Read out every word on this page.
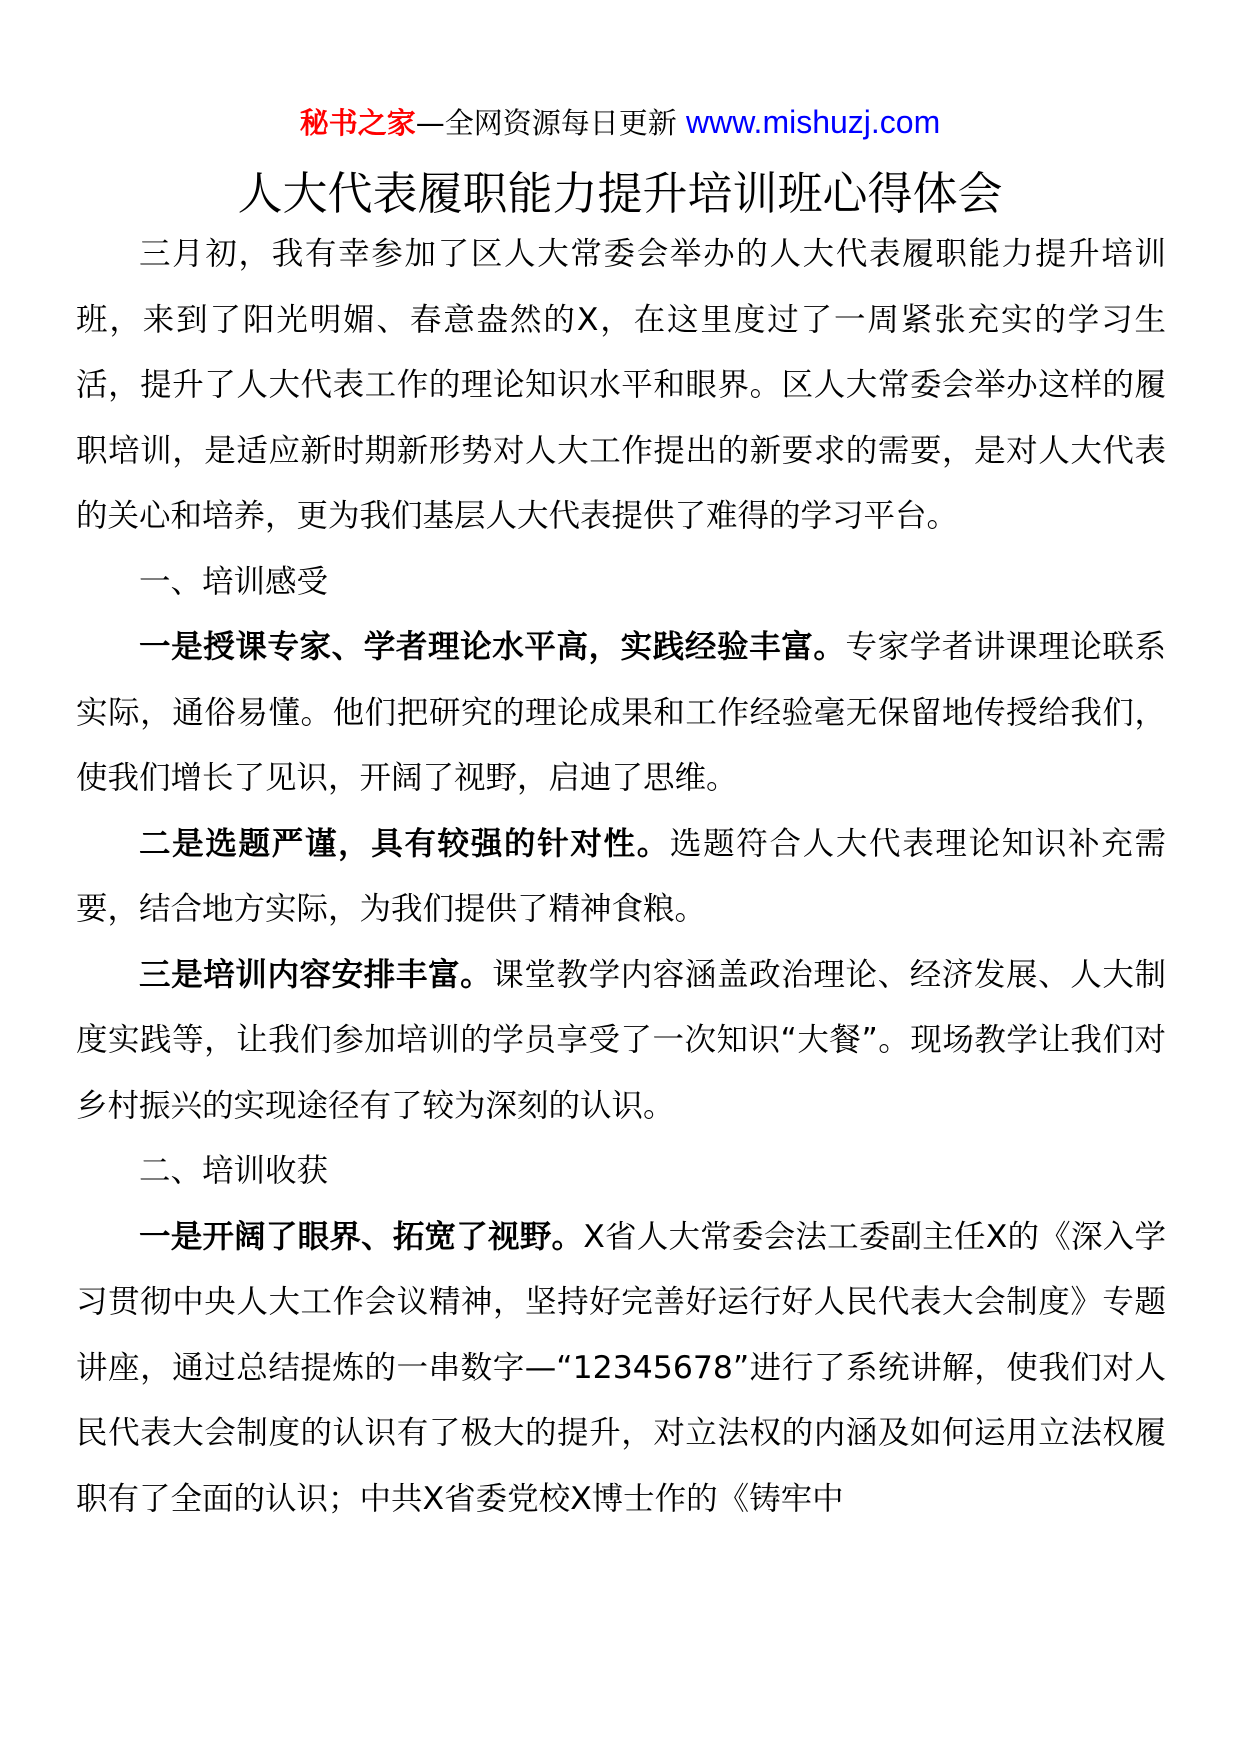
秘书之家—全网资源每日更新 www.mishuzj.com
人大代表履职能力提升培训班心得体会

三月初，我有幸参加了区人大常委会举办的人大代表履职能力提升培训班，来到了阳光明媚、春意盎然的X，在这里度过了一周紧张充实的学习生活，提升了人大代表工作的理论知识水平和眼界。区人大常委会举办这样的履职培训，是适应新时期新形势对人大工作提出的新要求的需要，是对人大代表的关心和培养，更为我们基层人大代表提供了难得的学习平台。

一、培训感受

一是授课专家、学者理论水平高，实践经验丰富。专家学者讲课理论联系实际，通俗易懂。他们把研究的理论成果和工作经验毫无保留地传授给我们，使我们增长了见识，开阔了视野，启迪了思维。

二是选题严谨，具有较强的针对性。选题符合人大代表理论知识补充需要，结合地方实际，为我们提供了精神食粮。

三是培训内容安排丰富。课堂教学内容涵盖政治理论、经济发展、人大制度实践等，让我们参加培训的学员享受了一次知识“大餐”。现场教学让我们对乡村振兴的实现途径有了较为深刻的认识。

二、培训收获

一是开阔了眼界、拓宽了视野。X省人大常委会法工委副主任X的《深入学习贯彻中央人大工作会议精神，坚持好完善好运行好人民代表大会制度》专题讲座，通过总结提炼的一串数字—“12345678”进行了系统讲解，使我们对人民代表大会制度的认识有了极大的提升，对立法权的内涵及如何运用立法权履职有了全面的认识；中共X省委党校X博士作的《铸牢中
